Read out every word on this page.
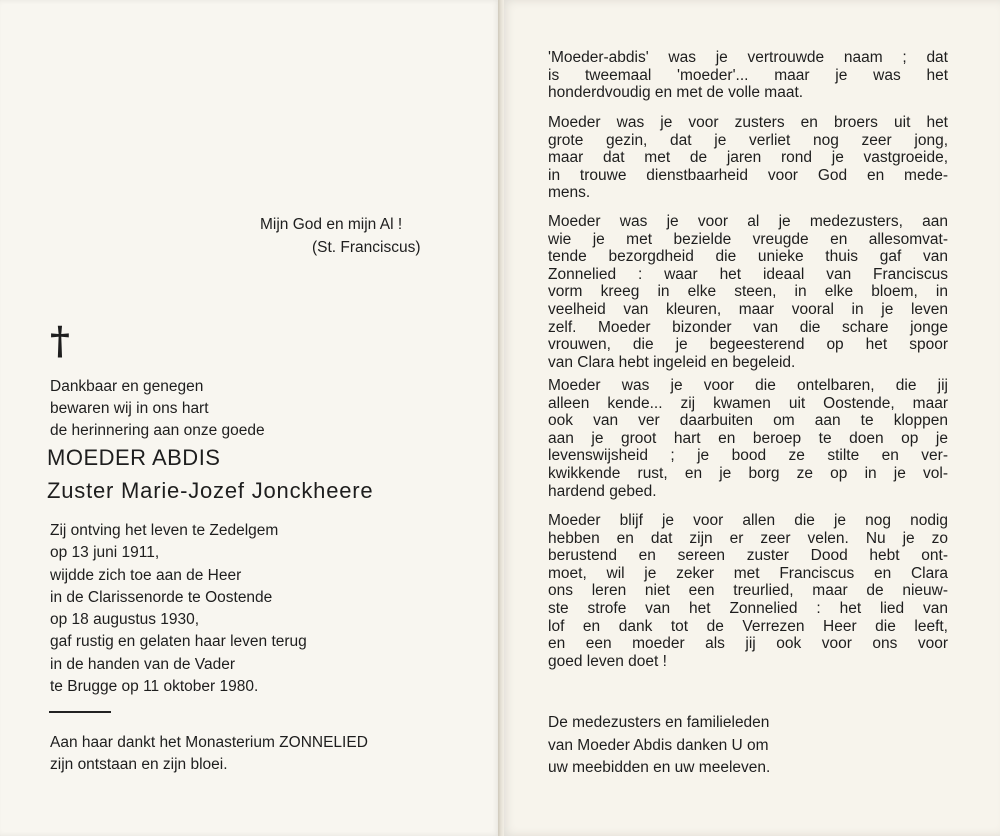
Mijn God en mijn Al !
(St. Franciscus)
†
Dankbaar en genegen
bewaren wij in ons hart
de herinnering aan onze goede
MOEDER ABDIS
Zuster Marie-Jozef Jonckheere
Zij ontving het leven te Zedelgem
op 13 juni 1911,
wijdde zich toe aan de Heer
in de Clarissenorde te Oostende
op 18 augustus 1930,
gaf rustig en gelaten haar leven terug
in de handen van de Vader
te Brugge op 11 oktober 1980.
Aan haar dankt het Monasterium ZONNELIED
zijn ontstaan en zijn bloei.
'Moeder-abdis' was je vertrouwde naam ; dat
is tweemaal 'moeder'... maar je was het
honderdvoudig en met de volle maat.
Moeder was je voor zusters en broers uit het
grote gezin, dat je verliet nog zeer jong,
maar dat met de jaren rond je vastgroeide,
in trouwe dienstbaarheid voor God en mede-
mens.
Moeder was je voor al je medezusters, aan
wie je met bezielde vreugde en allesomvat-
tende bezorgdheid die unieke thuis gaf van
Zonnelied : waar het ideaal van Franciscus
vorm kreeg in elke steen, in elke bloem, in
veelheid van kleuren, maar vooral in je leven
zelf. Moeder bizonder van die schare jonge
vrouwen, die je begeesterend op het spoor
van Clara hebt ingeleid en begeleid.
Moeder was je voor die ontelbaren, die jij
alleen kende... zij kwamen uit Oostende, maar
ook van ver daarbuiten om aan te kloppen
aan je groot hart en beroep te doen op je
levenswijsheid ; je bood ze stilte en ver-
kwikkende rust, en je borg ze op in je vol-
hardend gebed.
Moeder blijf je voor allen die je nog nodig
hebben en dat zijn er zeer velen. Nu je zo
berustend en sereen zuster Dood hebt ont-
moet, wil je zeker met Franciscus en Clara
ons leren niet een treurlied, maar de nieuw-
ste strofe van het Zonnelied : het lied van
lof en dank tot de Verrezen Heer die leeft,
en een moeder als jij ook voor ons voor
goed leven doet !
De medezusters en familieleden
van Moeder Abdis danken U om
uw meebidden en uw meeleven.
